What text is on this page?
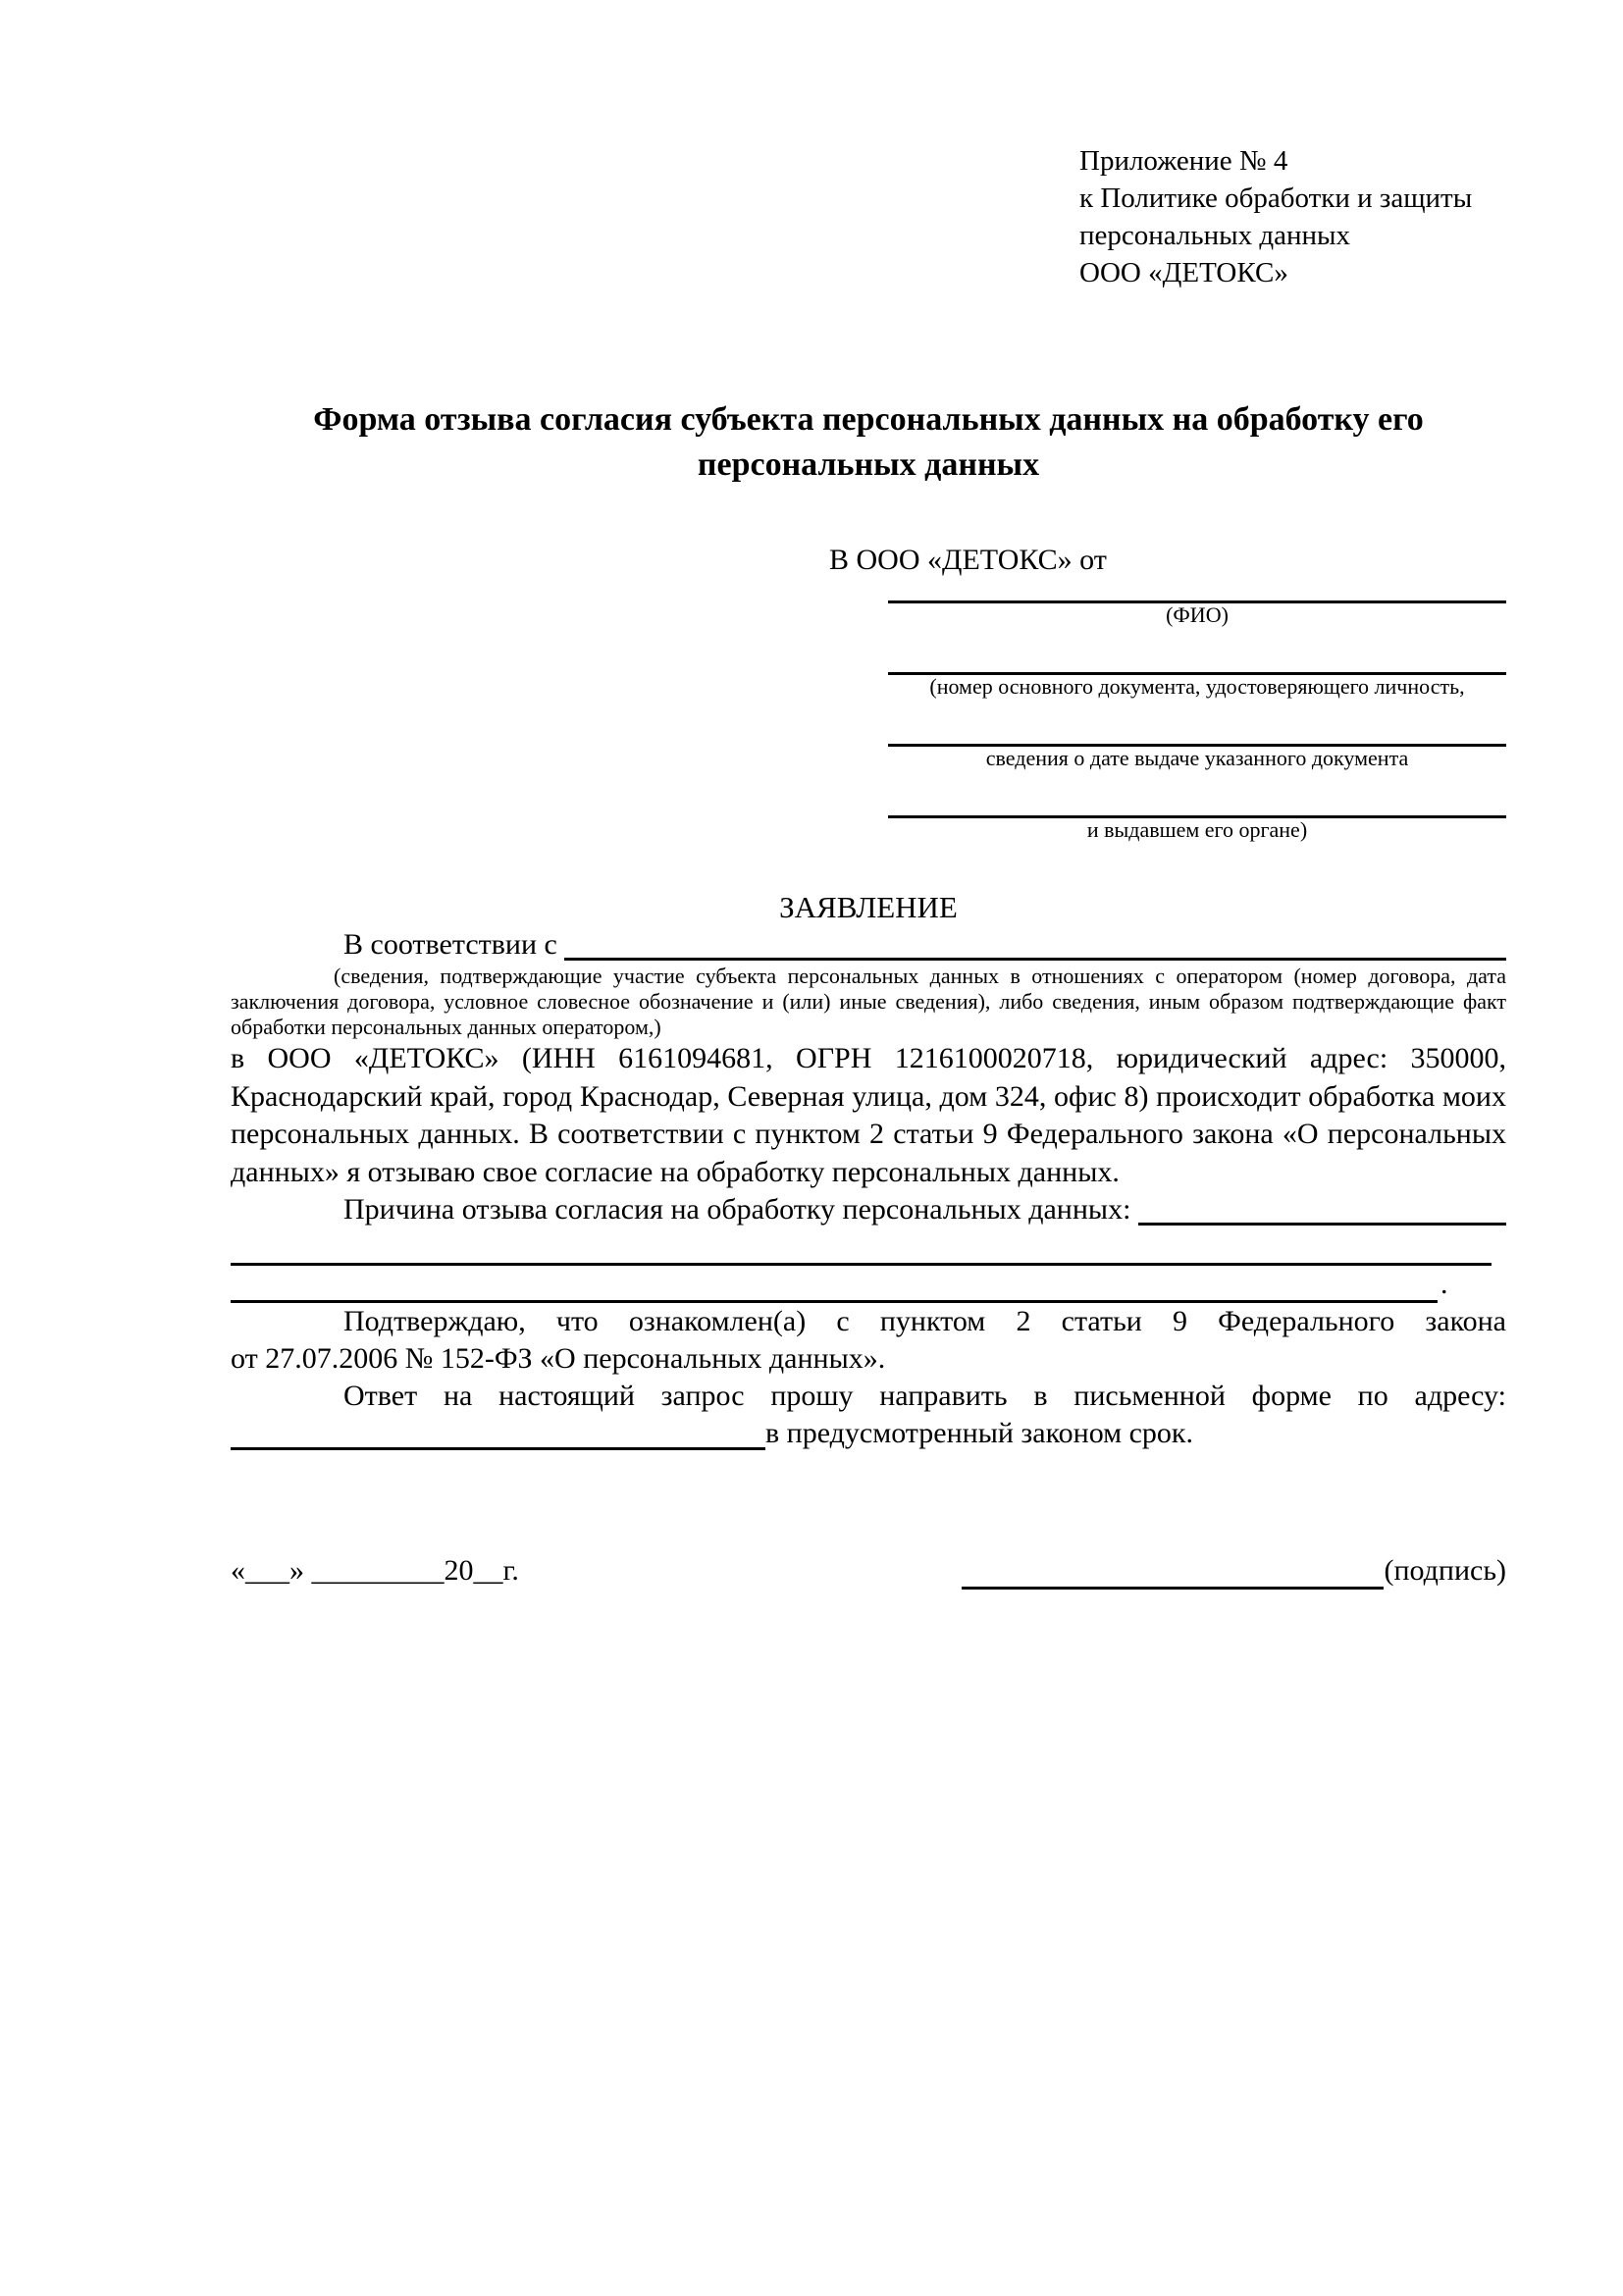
Приложение № 4
к Политике обработки и защиты
персональных данных
ООО «ДЕТОКС»
Форма отзыва согласия субъекта персональных данных на обработку его персональных данных
В ООО «ДЕТОКС» от
(ФИО)
(номер основного документа, удостоверяющего личность,
сведения о дате выдаче указанного документа
и выдавшем его органе)
ЗАЯВЛЕНИЕ
В соответствии с
(сведения, подтверждающие участие субъекта персональных данных в отношениях с оператором (номер договора, дата заключения договора, условное словесное обозначение и (или) иные сведения), либо сведения, иным образом подтверждающие факт обработки персональных данных оператором,)
в ООО «ДЕТОКС» (ИНН 6161094681, ОГРН 1216100020718, юридический адрес: 350000, Краснодарский край, город Краснодар, Северная улица, дом 324, офис 8) происходит обработка моих персональных данных. В соответствии с пунктом 2 статьи 9 Федерального закона «О персональных данных» я отзываю свое согласие на обработку персональных данных.
Причина отзыва согласия на обработку персональных данных:
.
Подтверждаю, что ознакомлен(а) с пунктом 2 статьи 9 Федерального закона
от 27.07.2006 № 152-ФЗ «О персональных данных».
Ответ на настоящий запрос прошу направить в письменной форме по адресу:
в предусмотренный законом срок.
«___» _________20__г.	(подпись)
